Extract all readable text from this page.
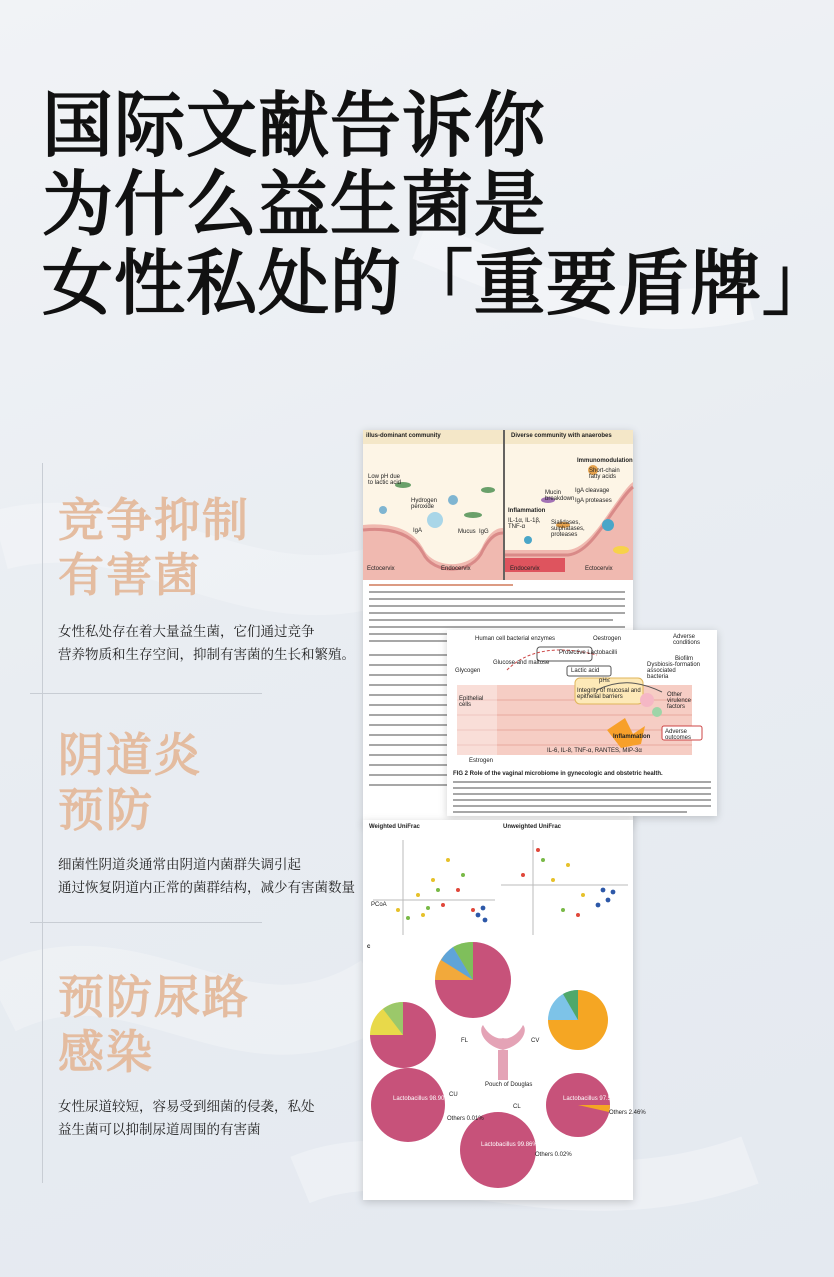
国际文献告诉你
为什么益生菌是
女性私处的「重要盾牌」
竞争抑制
有害菌
女性私处存在着大量益生菌，它们通过竞争
营养物质和生存空间，抑制有害菌的生长和繁殖。
阴道炎
预防
细菌性阴道炎通常由阴道内菌群失调引起
通过恢复阴道内正常的菌群结构，减少有害菌数量
预防尿路
感染
女性尿道较短，容易受到细菌的侵袭，私处
益生菌可以抑制尿道周围的有害菌
illus-dominant community	Diverse community with anaerobes
Low pH due to lactic acid
Hydrogen peroxide
IgA	Mucus IgG
Ectocervix	Endocervix	Endocervix	Ectocervix
Inflammation
IL-1α, IL-1β, TNF-α
Mucin breakdown
Sialidases, sulphatases, proteases
IgA cleavage
IgA proteases
Immunomodulation
Short-chain fatty acids
Human cell bacterial enzymes
Protective Lactobacilli
Oestrogen
Glycogen
Glucose and maltose
Lactic acid
pH≤
Integrity of mucosal and epithelial barriers
Epithelial cells
Dysbiosis-associated bacteria
Adverse conditions
Biofilm formation
Other virulence factors
Inflammation
Adverse outcomes
IL-6, IL-8, TNF-α, RANTES, MIP-3α
Estrogen
FIG 2 Role of the vaginal microbiome in gynecologic and obstetric health.
Weighted UniFrac	Unweighted UniFrac
PCoA
c
FL	CV
Pouch of Douglas
CU
CL
Lactobacillus 98.90%
Others 0.01%
Lactobacillus 97.58%
Others 2.46%
Lactobacillus 99.86%
Others 0.02%
